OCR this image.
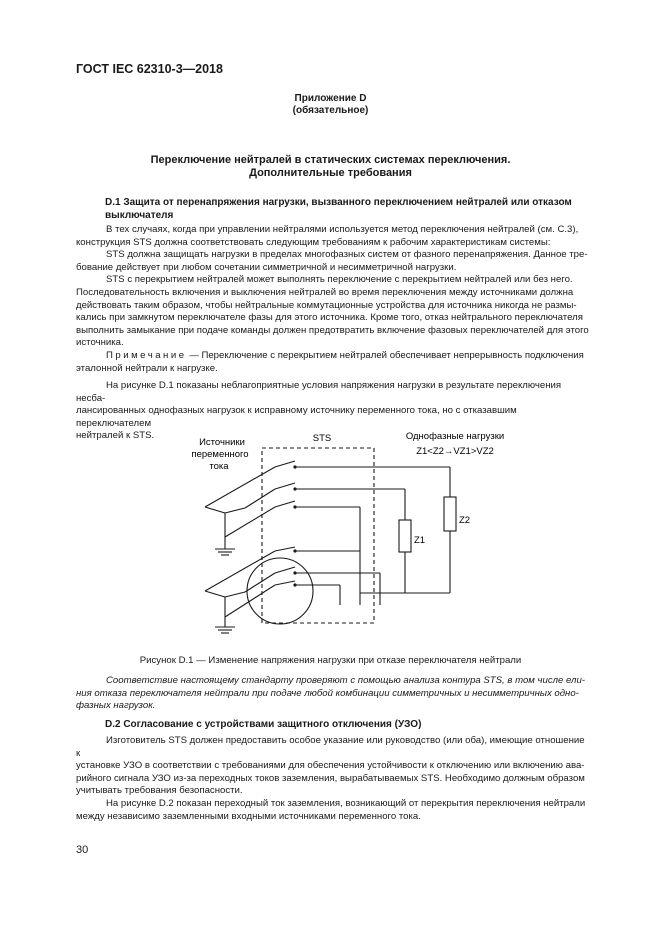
ГОСТ IEC 62310-3—2018
Приложение D
(обязательное)
Переключение нейтралей в статических системах переключения.
Дополнительные требования
D.1 Защита от перенапряжения нагрузки, вызванного переключением нейтралей или отказом
выключателя
В тех случаях, когда при управлении нейтралями используется метод переключения нейтралей (см. С.3),
конструкция STS должна соответствовать следующим требованиям к рабочим характеристикам системы:
STS должна защищать нагрузки в пределах многофазных систем от фазного перенапряжения. Данное тре-
бование действует при любом сочетании симметричной и несимметричной нагрузки.
STS с перекрытием нейтралей может выполнять переключение с перекрытием нейтралей или без него.
Последовательность включения и выключения нейтралей во время переключения между источниками должна
действовать таким образом, чтобы нейтральные коммутационные устройства для источника никогда не размы-
кались при замкнутом переключателе фазы для этого источника. Кроме того, отказ нейтрального переключателя
выполнить замыкание при подаче команды должен предотвратить включение фазовых переключателей для этого
источника.
Примечание — Переключение с перекрытием нейтралей обеспечивает непрерывность подключения
эталонной нейтрали к нагрузке.
На рисунке D.1 показаны неблагоприятные условия напряжения нагрузки в результате переключения несба-
лансированных однофазных нагрузок к исправному источнику переменного тока, но с отказавшим переключателем
нейтралей к STS.
Источники
переменного
тока
STS	Однофазные нагрузки
Z1<Z2→VZ1>VZ2
Z1
Z2
Рисунок D.1 — Изменение напряжения нагрузки при отказе переключателя нейтрали
Соответствие настоящему стандарту проверяют с помощью анализа контура STS, в том числе ели-
ния отказа переключателя нейтрали при подаче любой комбинации симметричных и несимметричных одно-
фазных нагрузок.
D.2 Согласование с устройствами защитного отключения (УЗО)
Изготовитель STS должен предоставить особое указание или руководство (или оба), имеющие отношение к
установке УЗО в соответствии с требованиями для обеспечения устойчивости к отключению или включению ава-
рийного сигнала УЗО из-за переходных токов заземления, вырабатываемых STS. Необходимо должным образом
учитывать требования безопасности.
На рисунке D.2 показан переходный ток заземления, возникающий от перекрытия переключения нейтрали
между независимо заземленными входными источниками переменного тока.
30
